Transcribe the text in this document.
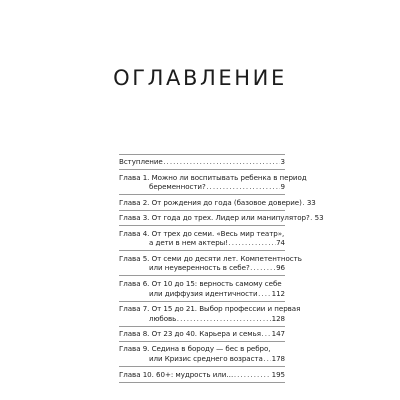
ОГЛАВЛЕНИЕ
Вступление . . .	3
Глава 1. Можно ли воспитывать ребенка в период
беременности? . . .	9
Глава 2. От рождения до года (базовое доверие) . . . 33
Глава 3. От года до трех. Лидер или манипулятор? . . . 53
Глава 4. От трех до семи. «Весь мир театр»,
а дети в нем актеры! . . .	74
Глава 5. От семи до десяти лет. Компетентность
или неуверенность в себе? . . .	96
Глава 6. От 10 до 15: верность самому себе
или диффузия идентичности . . . 112
Глава 7. От 15 до 21. Выбор профессии и первая
любовь . . .	128
Глава 8. От 23 до 40. Карьера и семья . . . 147
Глава 9. Седина в бороду — бес в ребро,
или Кризис среднего возраста . . . 178
Глава 10. 60+: мудрость или… . . .	195
